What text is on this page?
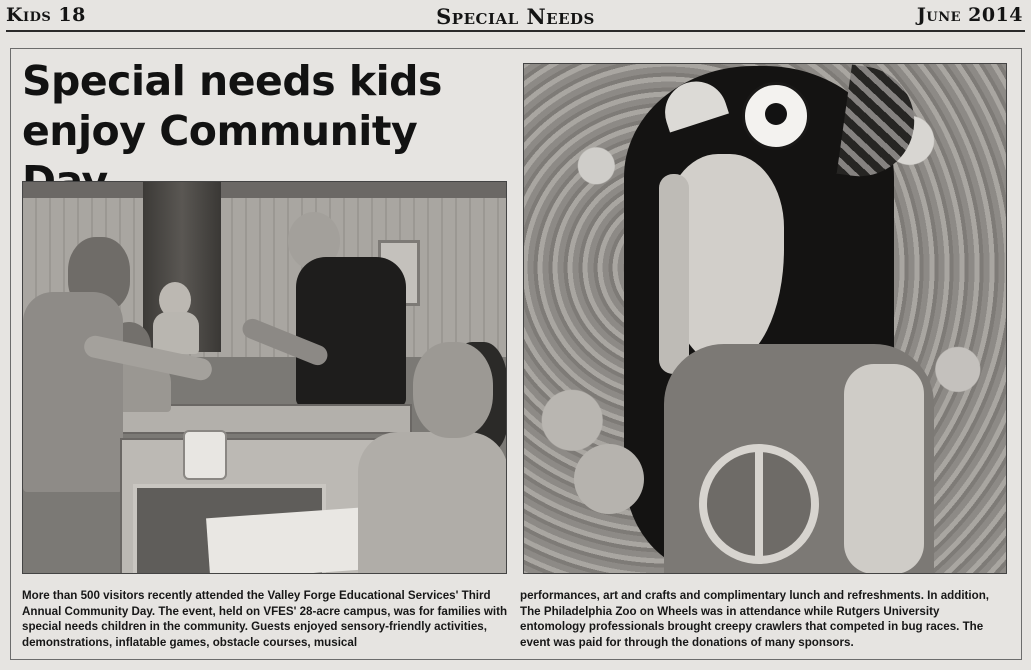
Kids 18	Special Needs	June 2014
Special needs kids enjoy Community

More than 500 visitors recently attended the Valley Forge Educational Services' Third Annual Community Day. The event, held on VFES' 28-acre campus, was for families with special needs children in the community. Guests enjoyed sensory-friendly activities, demonstrations, inflatable games, obstacle courses, musical

performances, art and crafts and complimentary lunch and refreshments. In addition, The Philadelphia Zoo on Wheels was in attendance while Rutgers University entomology professionals brought creepy crawlers that competed in bug races. The event was paid for through the donations of many sponsors.
